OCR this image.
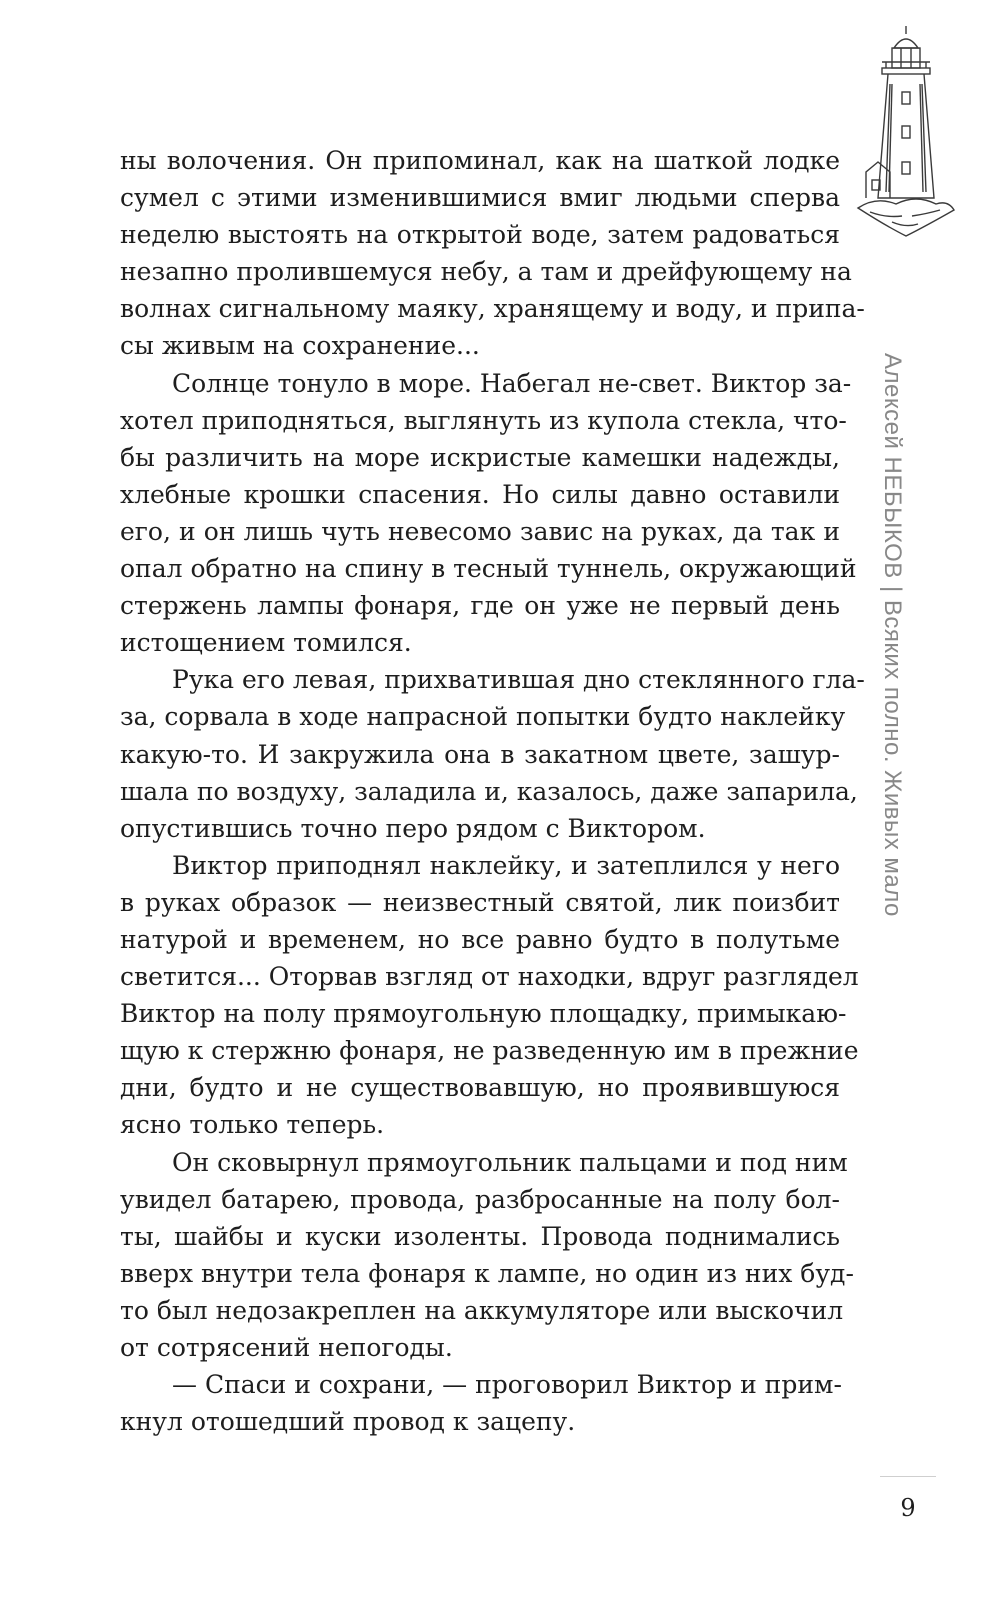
Алексей НЕБЫКОВ | Всяких полно. Живых мало

ны волочения. Он припоминал, как на шаткой лодке
сумел с этими изменившимися вмиг людьми сперва
неделю выстоять на открытой воде, затем радоваться
незапно пролившемуся небу, а там и дрейфующему на
волнах сигнальному маяку, хранящему и воду, и припа-
сы живым на сохранение...

Солнце тонуло в море. Набегал не-свет. Виктор за-
хотел приподняться, выглянуть из купола стекла, что-
бы различить на море искристые камешки надежды,
хлебные крошки спасения. Но силы давно оставили
его, и он лишь чуть невесомо завис на руках, да так и
опал обратно на спину в тесный туннель, окружающий
стержень лампы фонаря, где он уже не первый день
истощением томился.

Рука его левая, прихватившая дно стеклянного гла-
за, сорвала в ходе напрасной попытки будто наклейку
какую-то. И закружила она в закатном цвете, зашур-
шала по воздуху, заладила и, казалось, даже запарила,
опустившись точно перо рядом с Виктором.

Виктор приподнял наклейку, и затеплился у него
в руках образок — неизвестный святой, лик поизбит
натурой и временем, но все равно будто в полутьме
светится... Оторвав взгляд от находки, вдруг разглядел
Виктор на полу прямоугольную площадку, примыкаю-
щую к стержню фонаря, не разведенную им в прежние
дни, будто и не существовавшую, но проявившуюся
ясно только теперь.

Он сковырнул прямоугольник пальцами и под ним
увидел батарею, провода, разбросанные на полу бол-
ты, шайбы и куски изоленты. Провода поднимались
вверх внутри тела фонаря к лампе, но один из них буд-
то был недозакреплен на аккумуляторе или выскочил
от сотрясений непогоды.

— Спаси и сохрани, — проговорил Виктор и прим-
кнул отошедший провод к зацепу.

9
